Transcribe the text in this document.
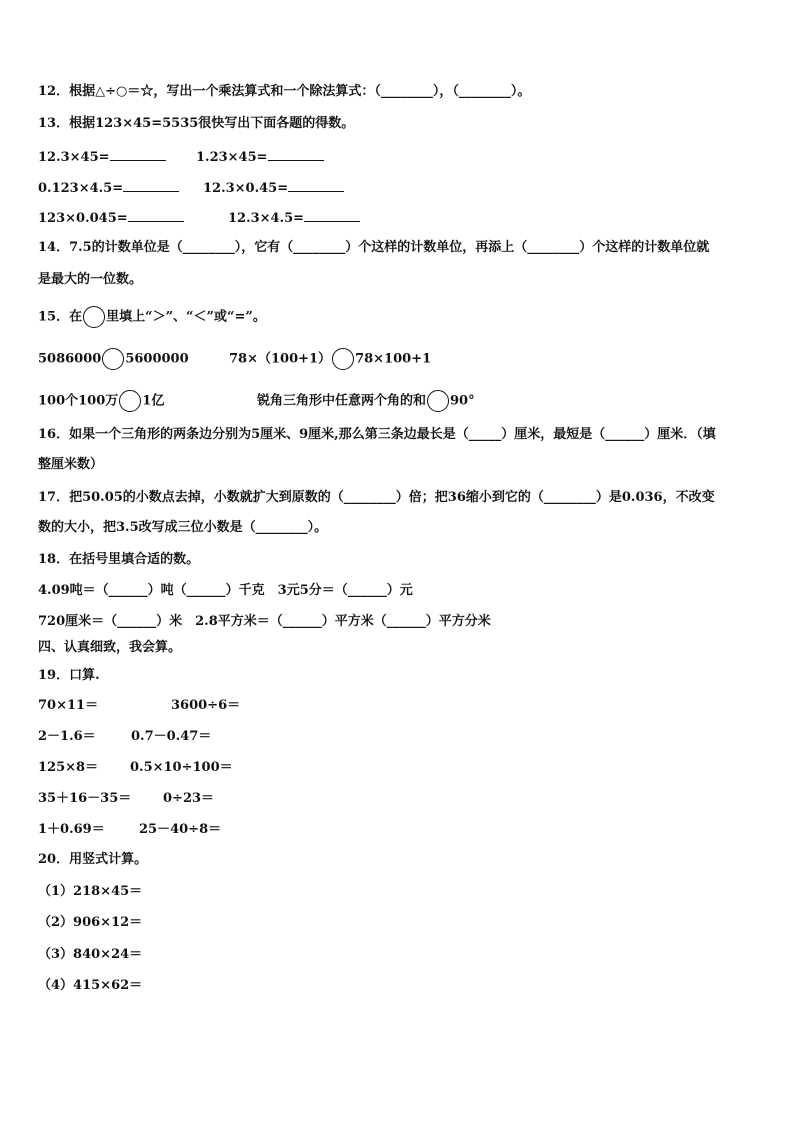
12．根据△÷○＝☆，写出一个乘法算式和一个除法算式：（________），（________）。
13．根据123×45=5535很快写出下面各题的得数。
12.3×45=	1.23×45=
0.123×4.5=	12.3×0.45=
123×0.045=	12.3×4.5=
14．7.5的计数单位是（________），它有（________）个这样的计数单位，再添上（________）个这样的计数单位就
是最大的一位数。
15．在 里填上“＞”、“＜”或“=”。
5086000 5600000	78×（100+1） 78×100+1
100个100万 1亿	锐角三角形中任意两个角的和 90°
16．如果一个三角形的两条边分别为5厘米、9厘米,那么第三条边最长是（_____）厘米，最短是（______）厘米．（填
整厘米数）
17．把50.05的小数点去掉，小数就扩大到原数的（________）倍；把36缩小到它的（________）是0.036，不改变
数的大小，把3.5改写成三位小数是（________）。
18．在括号里填合适的数。
4.09吨＝（______）吨（______）千克　3元5分＝（______）元
720厘米＝（______）米　2.8平方米＝（______）平方米（______）平方分米
四、认真细致，我会算。
19．口算.
70×11＝	3600÷6＝
2－1.6＝	0.7－0.47＝
125×8＝ 0.5×10÷100＝
35＋16－35＝ 0÷23＝
1＋0.69＝	25－40÷8＝
20．用竖式计算。
（1）218×45＝
（2）906×12＝
（3）840×24＝
（4）415×62＝
